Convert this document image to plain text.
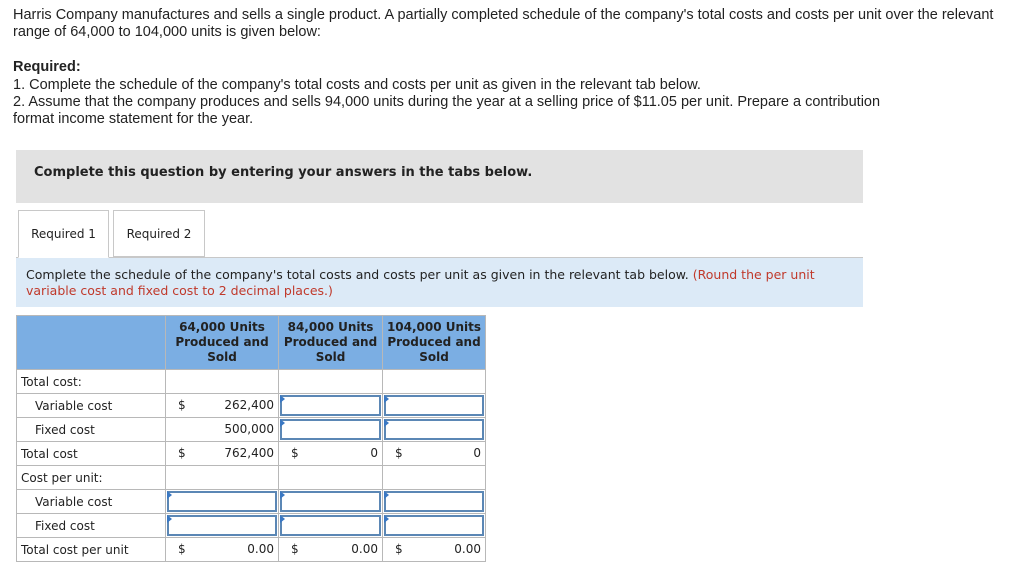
Harris Company manufactures and sells a single product. A partially completed schedule of the company's total costs and costs per unit over the relevant range of 64,000 to 104,000 units is given below:
Required:
1. Complete the schedule of the company's total costs and costs per unit as given in the relevant tab below.
2. Assume that the company produces and sells 94,000 units during the year at a selling price of $11.05 per unit. Prepare a contribution format income statement for the year.
Complete this question by entering your answers in the tabs below.
Required 1	Required 2
Complete the schedule of the company's total costs and costs per unit as given in the relevant tab below. (Round the per unit variable cost and fixed cost to 2 decimal places.)
	64,000 Units Produced and Sold	84,000 Units Produced and Sold	104,000 Units Produced and Sold
Total cost:			
Variable cost	$ 262,400		

Fixed cost	500,000		

Total cost	$ 762,400	$ 0	$ 0

Cost per unit:			
Variable cost	

Fixed cost	

Total cost per unit	$ 0.00	$ 0.00	$ 0.00
